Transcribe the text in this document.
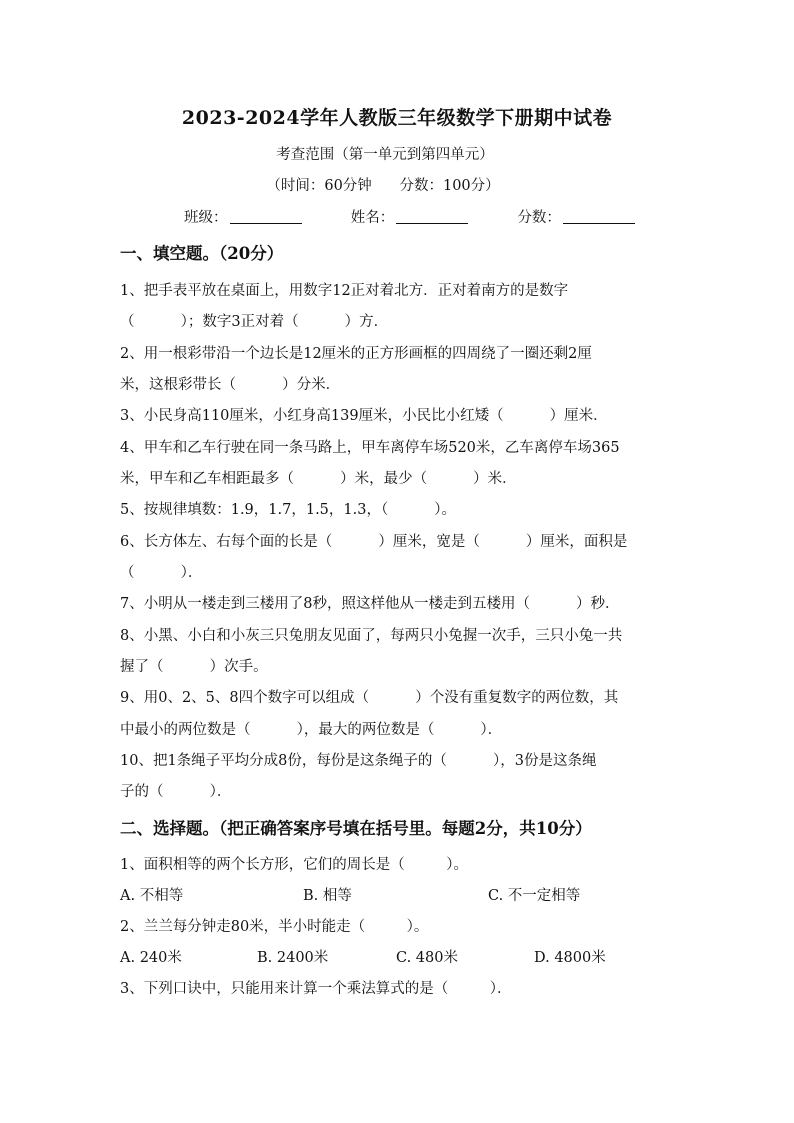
2023-2024学年人教版三年级数学下册期中试卷
考查范围（第一单元到第四单元）
（时间：60分钟      分数：100分）
班级：	姓名：	分数：
一、填空题。（20分）
1、把手表平放在桌面上，用数字12正对着北方．正对着南方的是数字
（          ）；数字3正对着（          ）方．
2、用一根彩带沿一个边长是12厘米的正方形画框的四周绕了一圈还剩2厘
米，这根彩带长（          ）分米．
3、小民身高110厘米，小红身高139厘米，小民比小红矮（          ）厘米．
4、甲车和乙车行驶在同一条马路上，甲车离停车场520米，乙车离停车场365
米，甲车和乙车相距最多（          ）米，最少（          ）米．
5、按规律填数：1.9，1.7，1.5，1.3，（          ）。
6、长方体左、右每个面的长是（          ）厘米，宽是（          ）厘米，面积是
（          ）．
7、小明从一楼走到三楼用了8秒，照这样他从一楼走到五楼用（          ）秒．
8、小黑、小白和小灰三只兔朋友见面了，每两只小兔握一次手，三只小兔一共
握了（          ）次手。
9、用0、2、5、8四个数字可以组成（          ）个没有重复数字的两位数，其
中最小的两位数是（          ），最大的两位数是（          ）．
10、把1条绳子平均分成8份，每份是这条绳子的（          ），3份是这条绳
子的（          ）．
二、选择题。（把正确答案序号填在括号里。每题2分，共10分）
1、面积相等的两个长方形，它们的周长是（         ）。
A. 不相等	B. 相等	C. 不一定相等
2、兰兰每分钟走80米，半小时能走（         ）。
A. 240米	B. 2400米	C. 480米	D. 4800米
3、下列口诀中，只能用来计算一个乘法算式的是（         ）．
